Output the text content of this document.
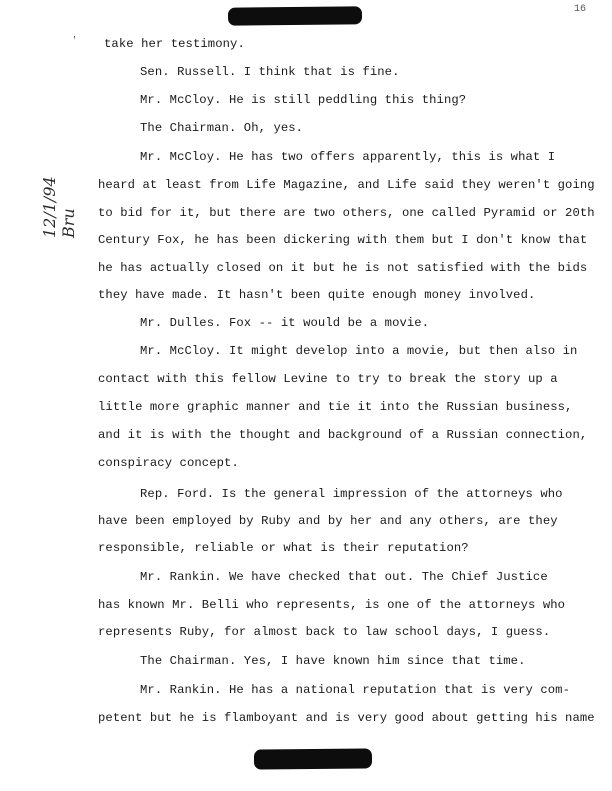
16
' take her testimony.
Sen. Russell. I think that is fine.
Mr. McCloy. He is still peddling this thing?
The Chairman. Oh, yes.
Mr. McCloy. He has two offers apparently, this is what I
heard at least from Life Magazine, and Life said they weren't going
to bid for it, but there are two others, one called Pyramid or 20th
Century Fox, he has been dickering with them but I don't know that
he has actually closed on it but he is not satisfied with the bids
they have made. It hasn't been quite enough money involved.
Mr. Dulles. Fox -- it would be a movie.
Mr. McCloy. It might develop into a movie, but then also in
contact with this fellow Levine to try to break the story up a
little more graphic manner and tie it into the Russian business,
and it is with the thought and background of a Russian connection,
conspiracy concept.
Rep. Ford. Is the general impression of the attorneys who
have been employed by Ruby and by her and any others, are they
responsible, reliable or what is their reputation?
Mr. Rankin. We have checked that out. The Chief Justice
has known Mr. Belli who represents, is one of the attorneys who
represents Ruby, for almost back to law school days, I guess.
The Chairman. Yes, I have known him since that time.
Mr. Rankin. He has a national reputation that is very com-
petent but he is flamboyant and is very good about getting his name
12/1/94 Bru
